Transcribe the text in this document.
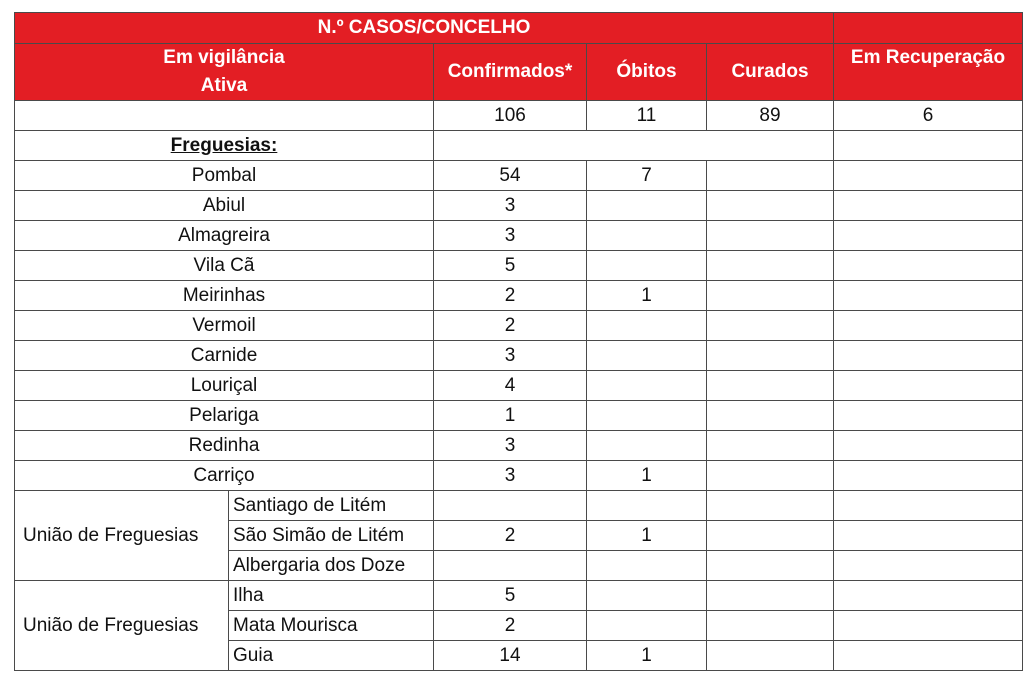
N.º CASOS/CONCELHO					
Em vigilância		Confirmados*	Óbitos	Curados	Em Recuperação
Ativa					
		106	11	89	6
Freguesias:					
Pombal		54	7		
Abiul		3			
Almagreira		3			
Vila Cã		5			
Meirinhas		2	1		
Vermoil		2			
Carnide		3			
Louriçal		4			
Pelariga		1			
Redinha		3			
Carriço		3	1		
União de Freguesias	Santiago de Litém				
	São Simão de Litém	2	1		
	Albergaria dos Doze				
União de Freguesias	Ilha	5			
	Mata Mourisca	2			
	Guia	14	1		
